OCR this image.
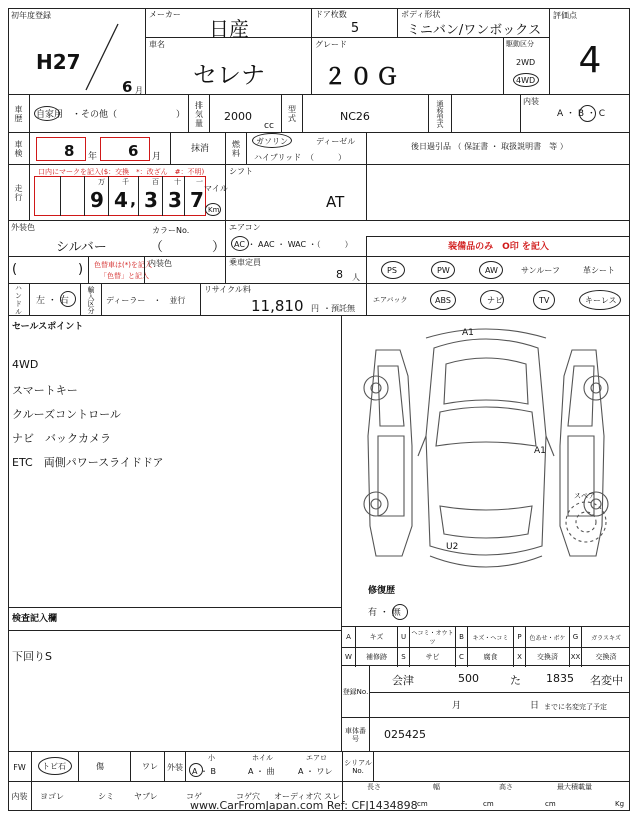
初年度登録
H27
6 月
メーカー
日産
ドア枚数
5
ボディ形状
ミニバン/ワンボックス
評価点
4
車名
セレナ
グレード
２０Ｇ
駆動区分
2WD
4WD
車歴	自家用　・その他（	）	排気量	2000
cc
型式	NC26	通称型式	内装
A ・ B ・ C
車検	8 年 6 月
抹消	燃料	ガソリン	ディーゼル
ハイブリッド （　　　）
後日過引品 （ 保証書 ・ 取扱説明書　等 ）
走行
口内にマークを記入($：交換　*：改ざん　#：不明)
万 千	百 十 一
9 4 , 3 3 7 マイル
Km
シフト
AT
外装色
シルバー
カラーNo.
（	）
エアコン
AC ・ AAC ・ WAC ・（　　　）	装備品のみ　O印 を記入
(	) 色替車は(*)を記入
「色替」と記入
内装色	乗車定員
8 人
PS	PW	AW	サンルーフ	革シート
ハンドル	左 ・ 右	輸入区分	ディーラー　・　並行
リサイクル料
11,810 円 ・預託無
エアバック	ABS	ナビ	TV	キーレス
セールスポイント
4WD
スマートキー
クルーズコントロール
ナビ　バックカメラ
ETC　両側パワースライドドア
A1
A1
U2
スペア
修復歴
有 ・ 無
検査記入欄
下回りS
A	キズ	U ヘコミ・オウトツ
B	キズ・ヘコミ	P	色あせ・ボケ	G	ガラスキズ
W	補修跡	S	サビ	C	腐食	X	交換済	XX	交換済
登録No.
会津	500	た 1835 名変中
月	日 までに名変完了予定
車体番号	025425
FW	トビ石	傷	ワレ	外装
小
A ・ B
ホイル
A ・ 曲
エアロ
A ・ ワレ
シリアルNo.
内装	ヨゴレ	シミ	ヤブレ	コゲ	コゲ穴 オーディオ穴 スレ
長さ
cm
幅
cm
高さ
cm
最大積載量
Kg
www.CarFromJapan.com Ref: CFJ1434898
